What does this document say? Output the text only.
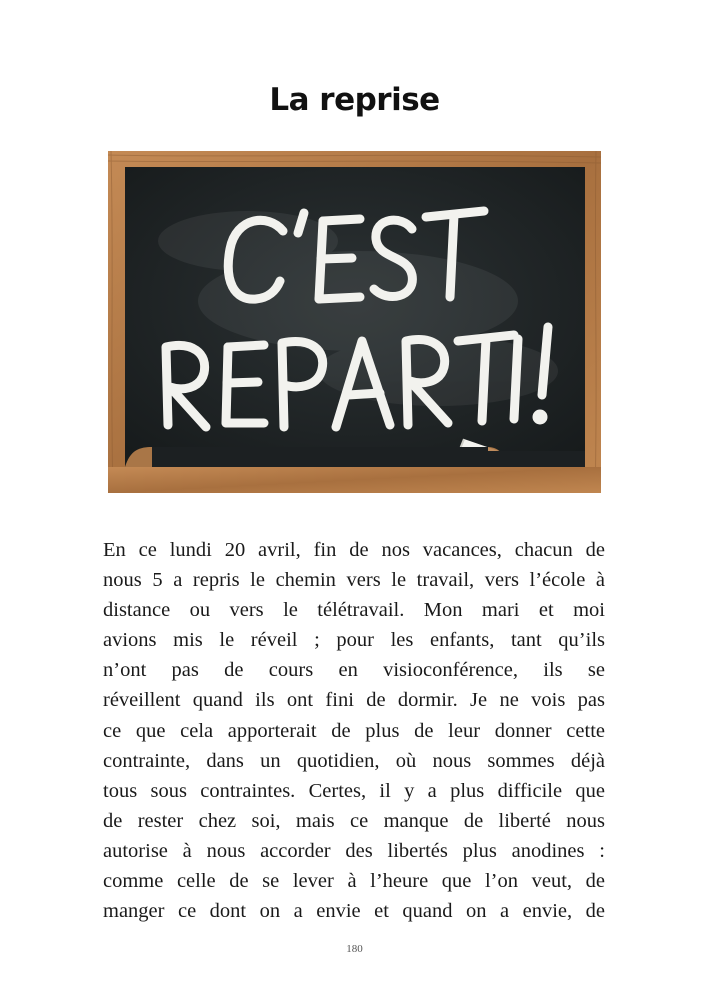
La reprise
En ce lundi 20 avril, fin de nos vacances, chacun de
nous 5 a repris le chemin vers le travail, vers l’école à
distance ou vers le télétravail. Mon mari et moi
avions mis le réveil ; pour les enfants, tant qu’ils
n’ont pas de cours en visioconférence, ils se
réveillent quand ils ont fini de dormir. Je ne vois pas
ce que cela apporterait de plus de leur donner cette
contrainte, dans un quotidien, où nous sommes déjà
tous sous contraintes. Certes, il y a plus difficile que
de rester chez soi, mais ce manque de liberté nous
autorise à nous accorder des libertés plus anodines :
comme celle de se lever à l’heure que l’on veut, de
manger ce dont on a envie et quand on a envie, de
180
